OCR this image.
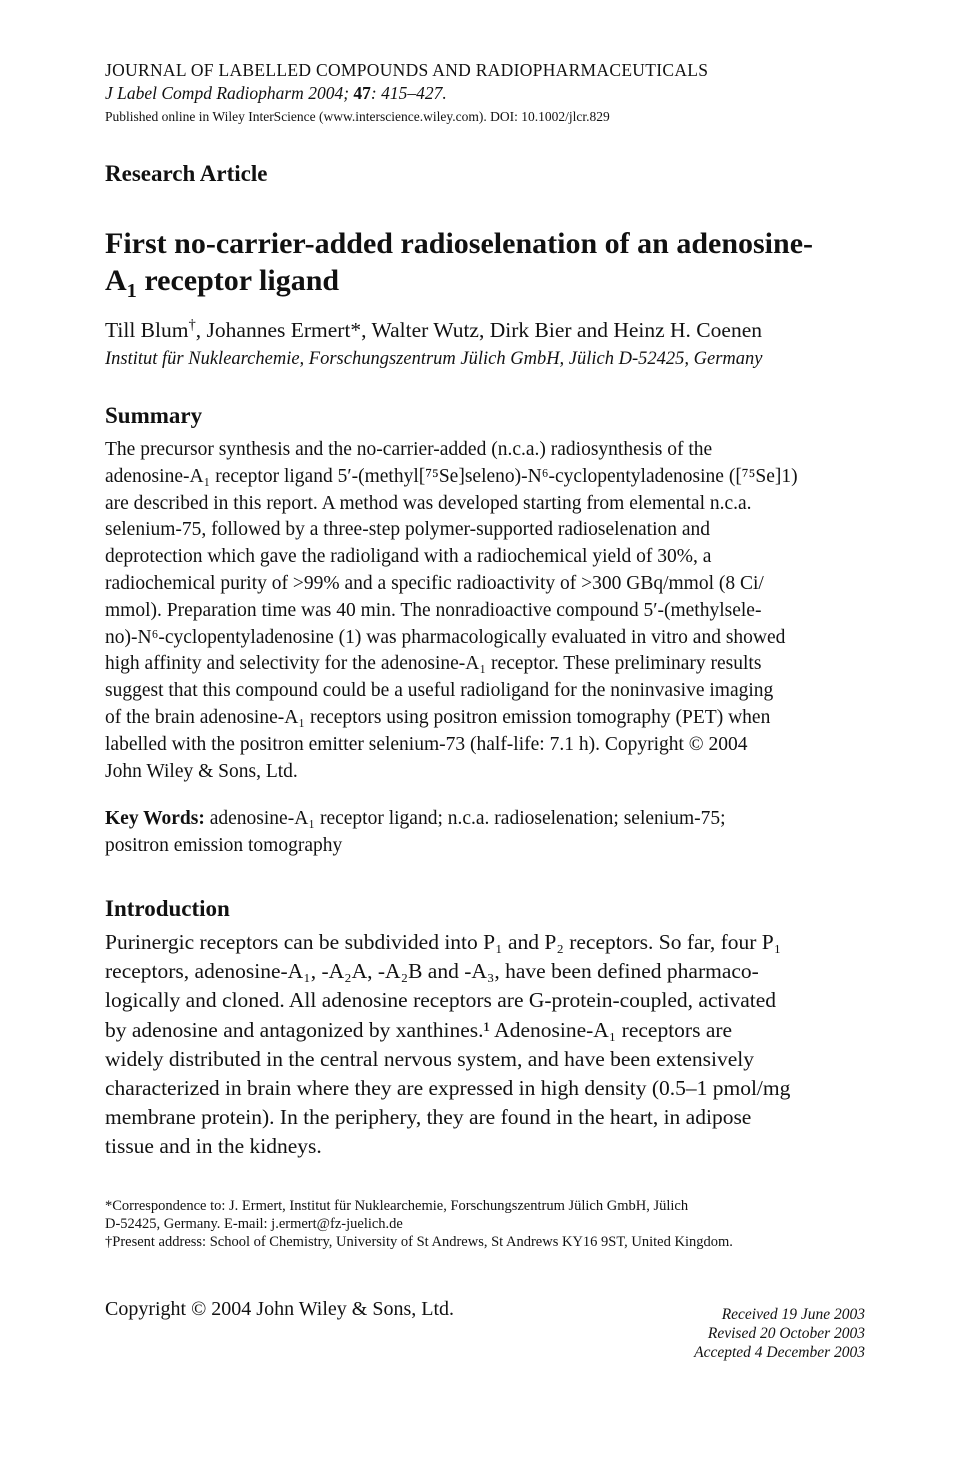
JOURNAL OF LABELLED COMPOUNDS AND RADIOPHARMACEUTICALS
J Label Compd Radiopharm 2004; 47: 415–427.
Published online in Wiley InterScience (www.interscience.wiley.com). DOI: 10.1002/jlcr.829
Research Article
First no-carrier-added radioselenation of an adenosine-
$A_1$ receptor ligand
Till Blum†, Johannes Ermert*, Walter Wutz, Dirk Bier and Heinz H. Coenen
Institut für Nuklearchemie, Forschungszentrum Jülich GmbH, Jülich D-52425, Germany
Summary
The precursor synthesis and the no-carrier-added (n.c.a.) radiosynthesis of the
adenosine-A₁ receptor ligand 5′-(methyl[⁷⁵Se]seleno)-N⁶-cyclopentyladenosine ([⁷⁵Se]1)
are described in this report. A method was developed starting from elemental n.c.a.
selenium-75, followed by a three-step polymer-supported radioselenation and
deprotection which gave the radioligand with a radiochemical yield of 30%, a
radiochemical purity of >99% and a specific radioactivity of >300 GBq/mmol (8 Ci/
mmol). Preparation time was 40 min. The nonradioactive compound 5′-(methylsele-
no)-N⁶-cyclopentyladenosine (1) was pharmacologically evaluated in vitro and showed
high affinity and selectivity for the adenosine-A₁ receptor. These preliminary results
suggest that this compound could be a useful radioligand for the noninvasive imaging
of the brain adenosine-A₁ receptors using positron emission tomography (PET) when
labelled with the positron emitter selenium-73 (half-life: 7.1 h). Copyright © 2004
John Wiley & Sons, Ltd.
Key Words: adenosine-A₁ receptor ligand; n.c.a. radioselenation; selenium-75;
positron emission tomography
Introduction
Purinergic receptors can be subdivided into P₁ and P₂ receptors. So far, four P₁
receptors, adenosine-A₁, -A₂A, -A₂B and -A₃, have been defined pharmaco-
logically and cloned. All adenosine receptors are G-protein-coupled, activated
by adenosine and antagonized by xanthines.¹ Adenosine-A₁ receptors are
widely distributed in the central nervous system, and have been extensively
characterized in brain where they are expressed in high density (0.5–1 pmol/mg
membrane protein). In the periphery, they are found in the heart, in adipose
tissue and in the kidneys.
*Correspondence to: J. Ermert, Institut für Nuklearchemie, Forschungszentrum Jülich GmbH, Jülich
D-52425, Germany. E-mail: j.ermert@fz-juelich.de
†Present address: School of Chemistry, University of St Andrews, St Andrews KY16 9ST, United Kingdom.
Copyright © 2004 John Wiley & Sons, Ltd.	Received 19 June 2003
Revised 20 October 2003
Accepted 4 December 2003
